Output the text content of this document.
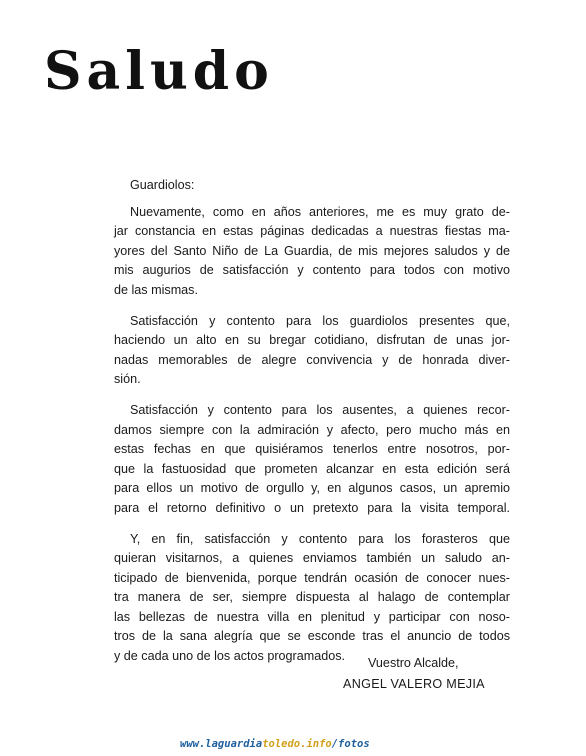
Saludo

Guardiolos:

Nuevamente, como en años anteriores, me es muy grato de-
jar constancia en estas páginas dedicadas a nuestras fiestas ma-
yores del Santo Niño de La Guardia, de mis mejores saludos y de
mis augurios de satisfacción y contento para todos con motivo
de las mismas.
Satisfacción y contento para los guardiolos presentes que,
haciendo un alto en su bregar cotidiano, disfrutan de unas jor-
nadas memorables de alegre convivencia y de honrada diver-
sión.
Satisfacción y contento para los ausentes, a quienes recor-
damos siempre con la admiración y afecto, pero mucho más en
estas fechas en que quisiéramos tenerlos entre nosotros, por-
que la fastuosidad que prometen alcanzar en esta edición será
para ellos un motivo de orgullo y, en algunos casos, un apremio
para el retorno definitivo o un pretexto para la visita temporal.
Y, en fin, satisfacción y contento para los forasteros que
quieran visitarnos, a quienes enviamos también un saludo an-
ticipado de bienvenida, porque tendrán ocasión de conocer nues-
tra manera de ser, siempre dispuesta al halago de contemplar
las bellezas de nuestra villa en plenitud y participar con noso-
tros de la sana alegría que se esconde tras el anuncio de todos
y de cada uno de los actos programados.	Vuestro Alcalde,
ANGEL VALERO MEJIA
www.laguardiatoledo.info/fotos
